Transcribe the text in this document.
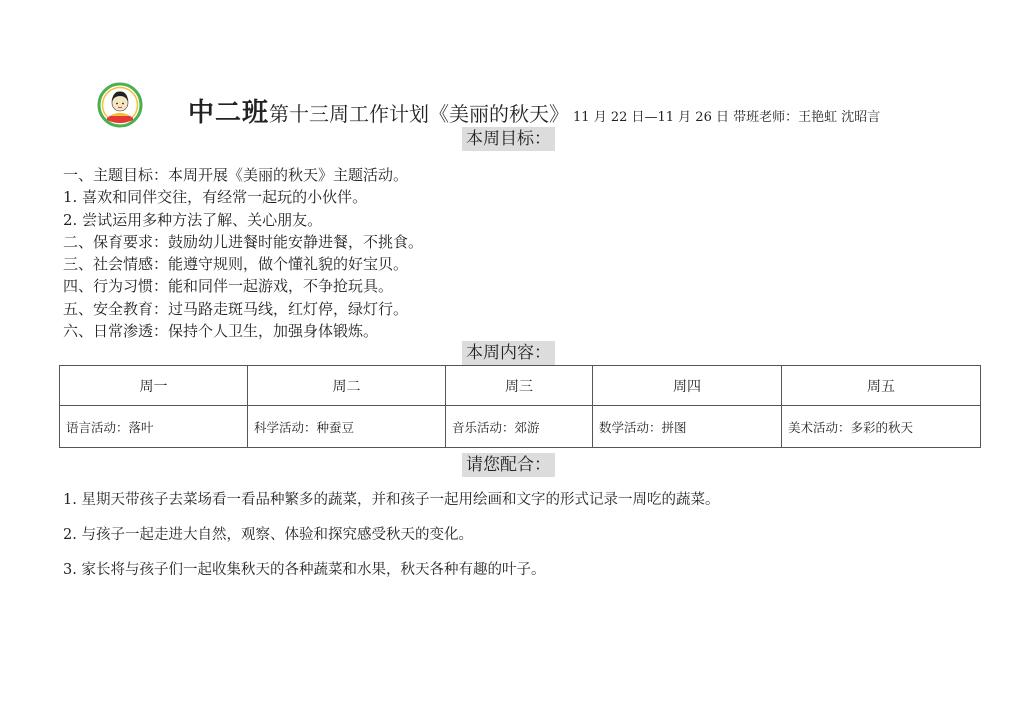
中二班第十三周工作计划《美丽的秋天》 11 月 22 日—11 月 26 日 带班老师：王艳虹 沈昭言
本周目标：
一、主题目标：本周开展《美丽的秋天》主题活动。
1. 喜欢和同伴交往，有经常一起玩的小伙伴。
2. 尝试运用多种方法了解、关心朋友。
二、保育要求：鼓励幼儿进餐时能安静进餐，不挑食。
三、社会情感：能遵守规则，做个懂礼貌的好宝贝。
四、行为习惯：能和同伴一起游戏，不争抢玩具。
五、安全教育：过马路走斑马线，红灯停，绿灯行。
六、日常渗透：保持个人卫生，加强身体锻炼。
本周内容：
周一	周二	周三	周四	周五
语言活动：落叶	科学活动：种蚕豆	音乐活动：郊游	数学活动：拼图	美术活动：多彩的秋天
请您配合：
1. 星期天带孩子去菜场看一看品种繁多的蔬菜，并和孩子一起用绘画和文字的形式记录一周吃的蔬菜。
2. 与孩子一起走进大自然，观察、体验和探究感受秋天的变化。
3. 家长将与孩子们一起收集秋天的各种蔬菜和水果，秋天各种有趣的叶子。
